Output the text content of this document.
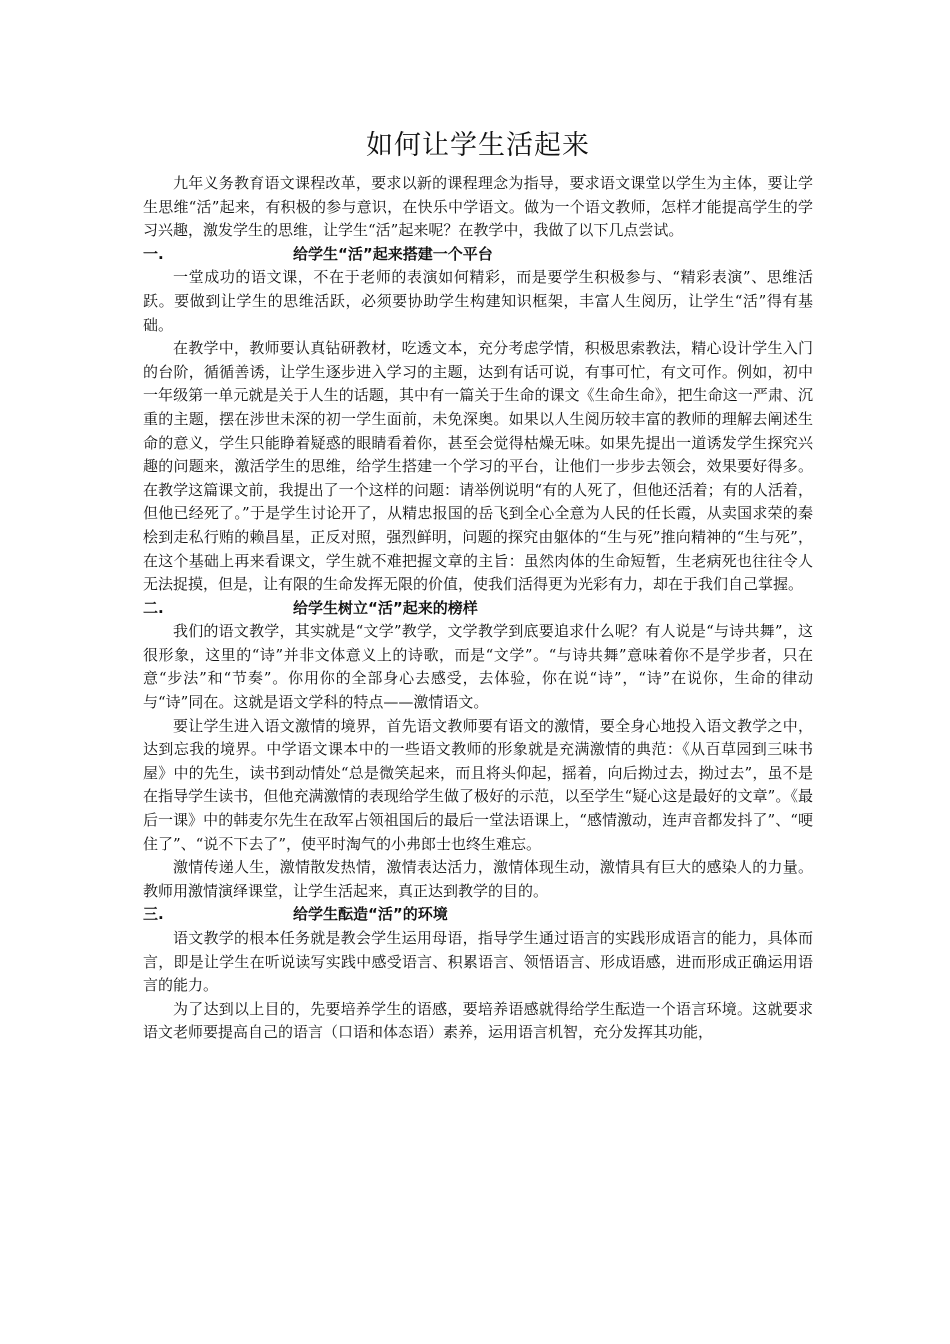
如何让学生活起来

九年义务教育语文课程改革，要求以新的课程理念为指导，要求语文课堂以学生为主体，要让学生思维“活”起来，有积极的参与意识，在快乐中学语文。做为一个语文教师，怎样才能提高学生的学习兴趣，激发学生的思维，让学生“活”起来呢？在教学中，我做了以下几点尝试。

一.	给学生“活”起来搭建一个平台

一堂成功的语文课，不在于老师的表演如何精彩，而是要学生积极参与、“精彩表演”、思维活跃。要做到让学生的思维活跃，必须要协助学生构建知识框架，丰富人生阅历，让学生“活”得有基础。

在教学中，教师要认真钻研教材，吃透文本，充分考虑学情，积极思索教法，精心设计学生入门的台阶，循循善诱，让学生逐步进入学习的主题，达到有话可说，有事可忙，有文可作。例如，初中一年级第一单元就是关于人生的话题，其中有一篇关于生命的课文《生命生命》，把生命这一严肃、沉重的主题，摆在涉世未深的初一学生面前，未免深奥。如果以人生阅历较丰富的教师的理解去阐述生命的意义，学生只能睁着疑惑的眼睛看着你，甚至会觉得枯燥无味。如果先提出一道诱发学生探究兴趣的问题来，激活学生的思维，给学生搭建一个学习的平台，让他们一步步去领会，效果要好得多。在教学这篇课文前，我提出了一个这样的问题：请举例说明“有的人死了，但他还活着；有的人活着，但他已经死了。”于是学生讨论开了，从精忠报国的岳飞到全心全意为人民的任长霞，从卖国求荣的秦桧到走私行贿的赖昌星，正反对照，强烈鲜明，问题的探究由躯体的“生与死”推向精神的“生与死”，在这个基础上再来看课文，学生就不难把握文章的主旨：虽然肉体的生命短暂，生老病死也往往令人无法捉摸，但是，让有限的生命发挥无限的价值，使我们活得更为光彩有力，却在于我们自己掌握。

二.	给学生树立“活”起来的榜样

我们的语文教学，其实就是“文学”教学，文学教学到底要追求什么呢？有人说是“与诗共舞”，这很形象，这里的“诗”并非文体意义上的诗歌，而是“文学”。“与诗共舞”意味着你不是学步者，只在意“步法”和“节奏”。你用你的全部身心去感受，去体验，你在说“诗”，“诗”在说你，生命的律动与“诗”同在。这就是语文学科的特点——激情语文。

要让学生进入语文激情的境界，首先语文教师要有语文的激情，要全身心地投入语文教学之中，达到忘我的境界。中学语文课本中的一些语文教师的形象就是充满激情的典范：《从百草园到三味书屋》中的先生，读书到动情处“总是微笑起来，而且将头仰起，摇着，向后拗过去，拗过去”，虽不是在指导学生读书，但他充满激情的表现给学生做了极好的示范，以至学生“疑心这是最好的文章”。《最后一课》中的韩麦尔先生在敌军占领祖国后的最后一堂法语课上，“感情激动，连声音都发抖了”、“哽住了”、“说不下去了”，使平时淘气的小弗郎士也终生难忘。

激情传递人生，激情散发热情，激情表达活力，激情体现生动，激情具有巨大的感染人的力量。教师用激情演绎课堂，让学生活起来，真正达到教学的目的。

三.	给学生酝造“活”的环境

语文教学的根本任务就是教会学生运用母语，指导学生通过语言的实践形成语言的能力，具体而言，即是让学生在听说读写实践中感受语言、积累语言、领悟语言、形成语感，进而形成正确运用语言的能力。

为了达到以上目的，先要培养学生的语感，要培养语感就得给学生酝造一个语言环境。这就要求语文老师要提高自己的语言（口语和体态语）素养，运用语言机智，充分发挥其功能，
